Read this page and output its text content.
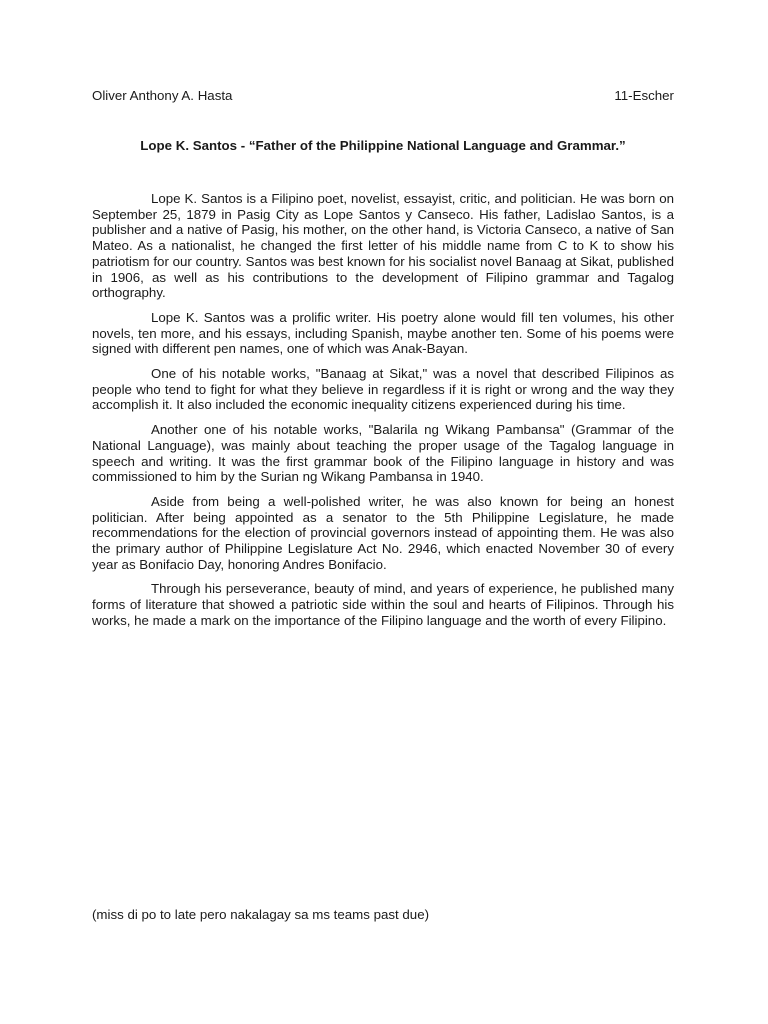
Oliver Anthony A. Hasta	11-Escher
Lope K. Santos - “Father of the Philippine National Language and Grammar.”

Lope K. Santos is a Filipino poet, novelist, essayist, critic, and politician. He was born on September 25, 1879 in Pasig City as Lope Santos y Canseco. His father, Ladislao Santos, is a publisher and a native of Pasig, his mother, on the other hand, is Victoria Canseco, a native of San Mateo. As a nationalist, he changed the first letter of his middle name from C to K to show his patriotism for our country. Santos was best known for his socialist novel Banaag at Sikat, published in 1906, as well as his contributions to the development of Filipino grammar and Tagalog orthography.

Lope K. Santos was a prolific writer. His poetry alone would fill ten volumes, his other novels, ten more, and his essays, including Spanish, maybe another ten. Some of his poems were signed with different pen names, one of which was Anak-Bayan.

One of his notable works, "Banaag at Sikat," was a novel that described Filipinos as people who tend to fight for what they believe in regardless if it is right or wrong and the way they accomplish it. It also included the economic inequality citizens experienced during his time.

Another one of his notable works, "Balarila ng Wikang Pambansa" (Grammar of the National Language), was mainly about teaching the proper usage of the Tagalog language in speech and writing. It was the first grammar book of the Filipino language in history and was commissioned to him by the Surian ng Wikang Pambansa in 1940.

Aside from being a well-polished writer, he was also known for being an honest politician. After being appointed as a senator to the 5th Philippine Legislature, he made recommendations for the election of provincial governors instead of appointing them. He was also the primary author of Philippine Legislature Act No. 2946, which enacted November 30 of every year as Bonifacio Day, honoring Andres Bonifacio.

Through his perseverance, beauty of mind, and years of experience, he published many forms of literature that showed a patriotic side within the soul and hearts of Filipinos. Through his works, he made a mark on the importance of the Filipino language and the worth of every Filipino.

(miss di po to late pero nakalagay sa ms teams past due)
